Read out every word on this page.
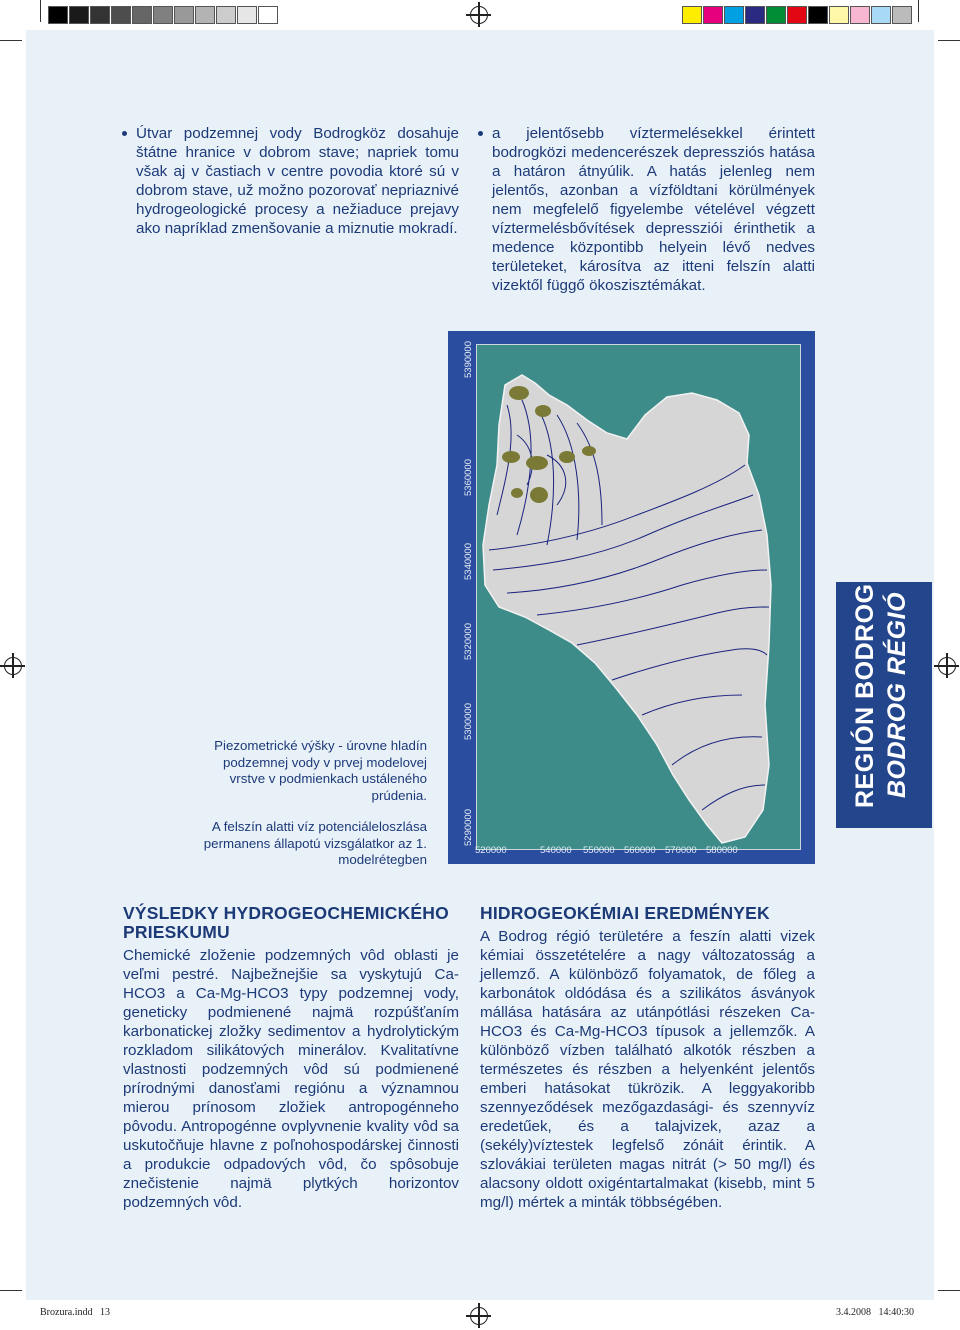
Útvar podzemnej vody Bodrogköz dosahuje štátne hranice v dobrom stave; napriek tomu však aj v častiach v centre povodia ktoré sú v dobrom stave, už možno pozorovať nepriaznivé hydrogeologické procesy a nežiaduce prejavy ako napríklad zmenšovanie a miznutie mokradí.
a jelentősebb víztermelésekkel érintett bodrogközi medencerészek depressziós hatása a határon átnyúlik. A hatás jelenleg nem jelentős, azonban a vízföldtani körülmények nem megfelelő figyelembe vételével végzett víztermelésbővítések depressziói érinthetik a medence központibb helyein lévő nedves területeket, károsítva az itteni felszín alatti vizektől függő ökoszisztémákat.
Piezometrické výšky - úrovne hladín podzemnej vody v prvej modelovej vrstve v podmienkach ustáleného prúdenia.
A felszín alatti víz potenciáleloszlása permanens állapotú vizsgálatkor az 1. modelrétegben
5390000
5360000
5340000
5320000
5300000
5290000
520000	540000 550000 560000 570000 580000
REGIÓN BODROG BODROG RÉGIÓ
VÝSLEDKY HYDROGEOCHEMICKÉHO PRIESKUMU
Chemické zloženie podzemných vôd oblasti je veľmi pestré. Najbežnejšie sa vyskytujú Ca-HCO3 a Ca-Mg-HCO3 typy podzemnej vody, geneticky podmienené najmä rozpúšťaním karbonatickej zložky sedimentov a hydrolytickým rozkladom silikátových minerálov. Kvalitatívne vlastnosti podzemných vôd sú podmienené prírodnými danosťami regiónu a významnou mierou prínosom zložiek antropogénneho pôvodu. Antropogénne ovplyvnenie kvality vôd sa uskutočňuje hlavne z poľnohospodárskej činnosti a produkcie odpadových vôd, čo spôsobuje znečistenie najmä plytkých horizontov podzemných vôd.
HIDROGEOKÉMIAI EREDMÉNYEK
A Bodrog régió területére a feszín alatti vizek kémiai összetételére a nagy változatosság a jellemző. A különböző folyamatok, de főleg a karbonátok oldódása és a szilikátos ásványok mállása hatására az utánpótlási részeken Ca-HCO3 és Ca-Mg-HCO3 típusok a jellemzők. A különböző vízben található alkotók részben a természetes és részben a helyenként jelentős emberi hatásokat tükrözik. A leggyakoribb szennyeződések mezőgazdasági- és szennyvíz eredetűek, és a talajvizek, azaz a (sekély)víztestek legfelső zónáit érintik. A szlovákiai területen magas nitrát (> 50 mg/l) és alacsony oldott oxigéntartalmakat (kisebb, mint 5 mg/l) mértek a minták többségében.
Brozura.indd   13	3.4.2008   14:40:30
